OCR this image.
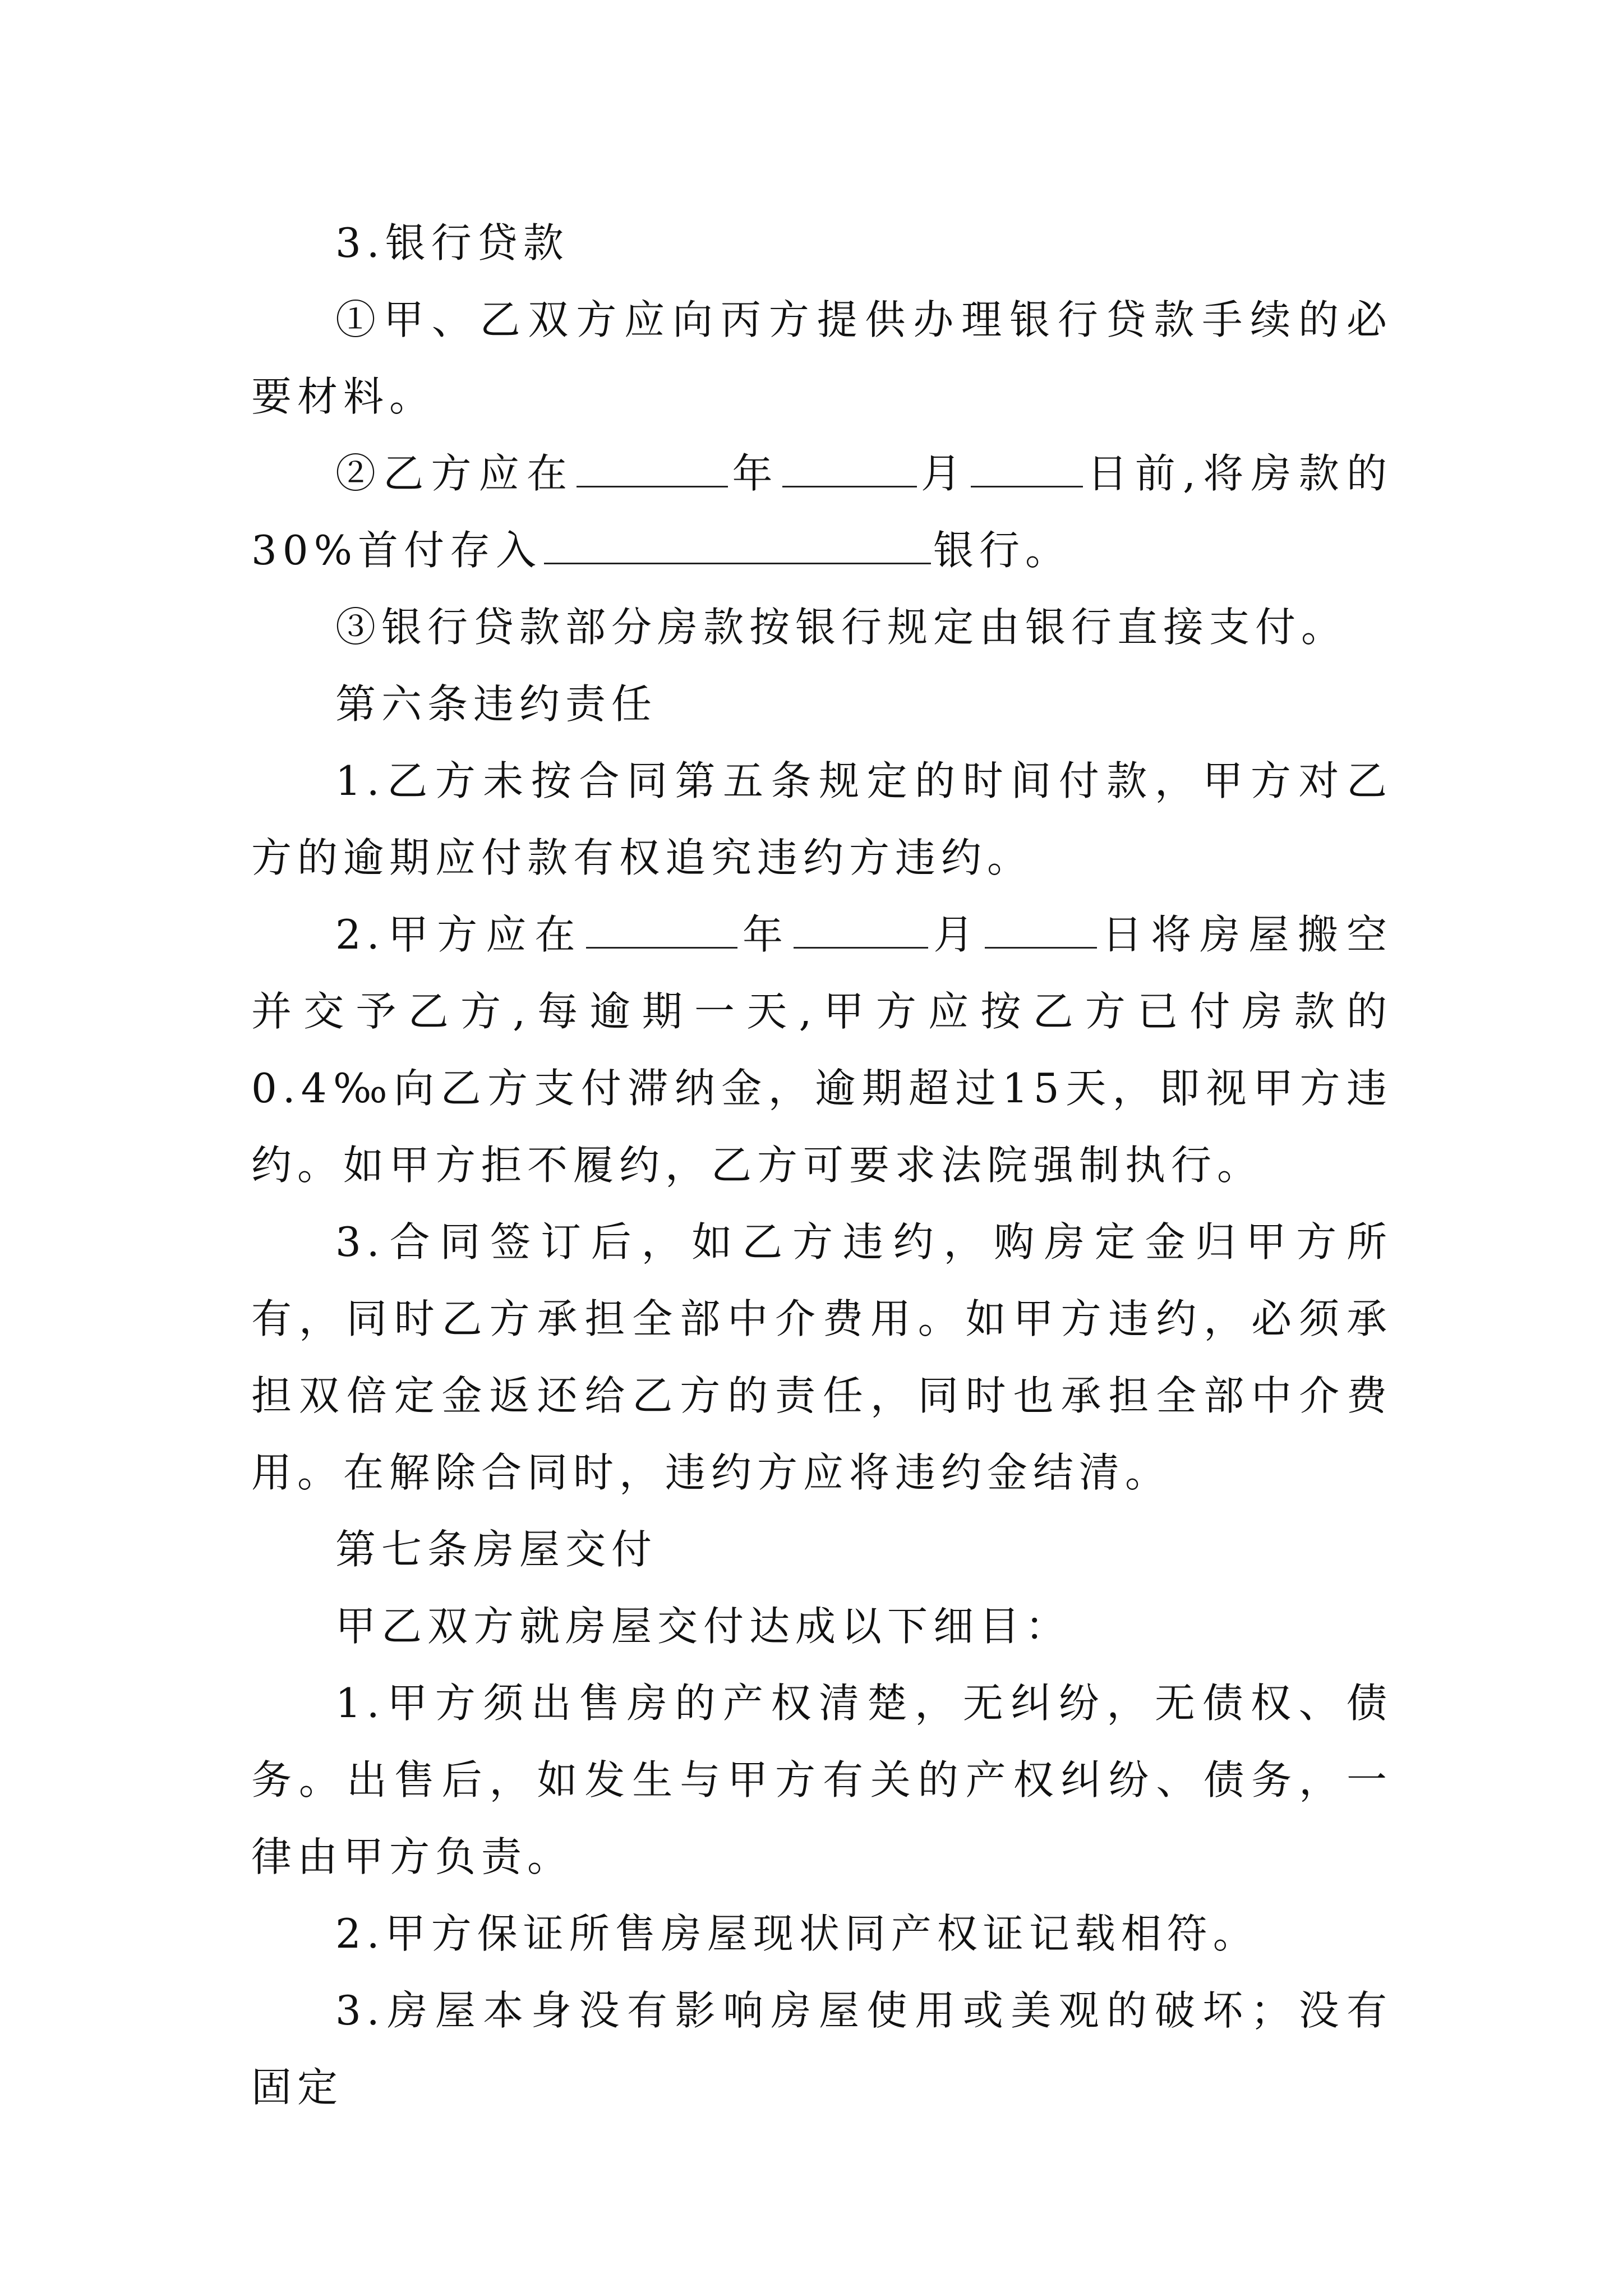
3.银行贷款

①甲、乙双方应向丙方提供办理银行贷款手续的必要材料。

②乙方应在	年	月	日前,将房款的30%首付存入	银行。

③银行贷款部分房款按银行规定由银行直接支付。

第六条违约责任

1.乙方未按合同第五条规定的时间付款，甲方对乙方的逾期应付款有权追究违约方违约。

2.甲方应在	年	月	日将房屋搬空并交予乙方,每逾期一天,甲方应按乙方已付房款的0.4‰向乙方支付滞纳金，逾期超过15天，即视甲方违约。如甲方拒不履约，乙方可要求法院强制执行。

3.合同签订后，如乙方违约，购房定金归甲方所有，同时乙方承担全部中介费用。如甲方违约，必须承担双倍定金返还给乙方的责任，同时也承担全部中介费用。在解除合同时，违约方应将违约金结清。

第七条房屋交付

甲乙双方就房屋交付达成以下细目：

1.甲方须出售房的产权清楚，无纠纷，无债权、债务。出售后，如发生与甲方有关的产权纠纷、债务，一律由甲方负责。

2.甲方保证所售房屋现状同产权证记载相符。

3.房屋本身没有影响房屋使用或美观的破坏；没有固定
